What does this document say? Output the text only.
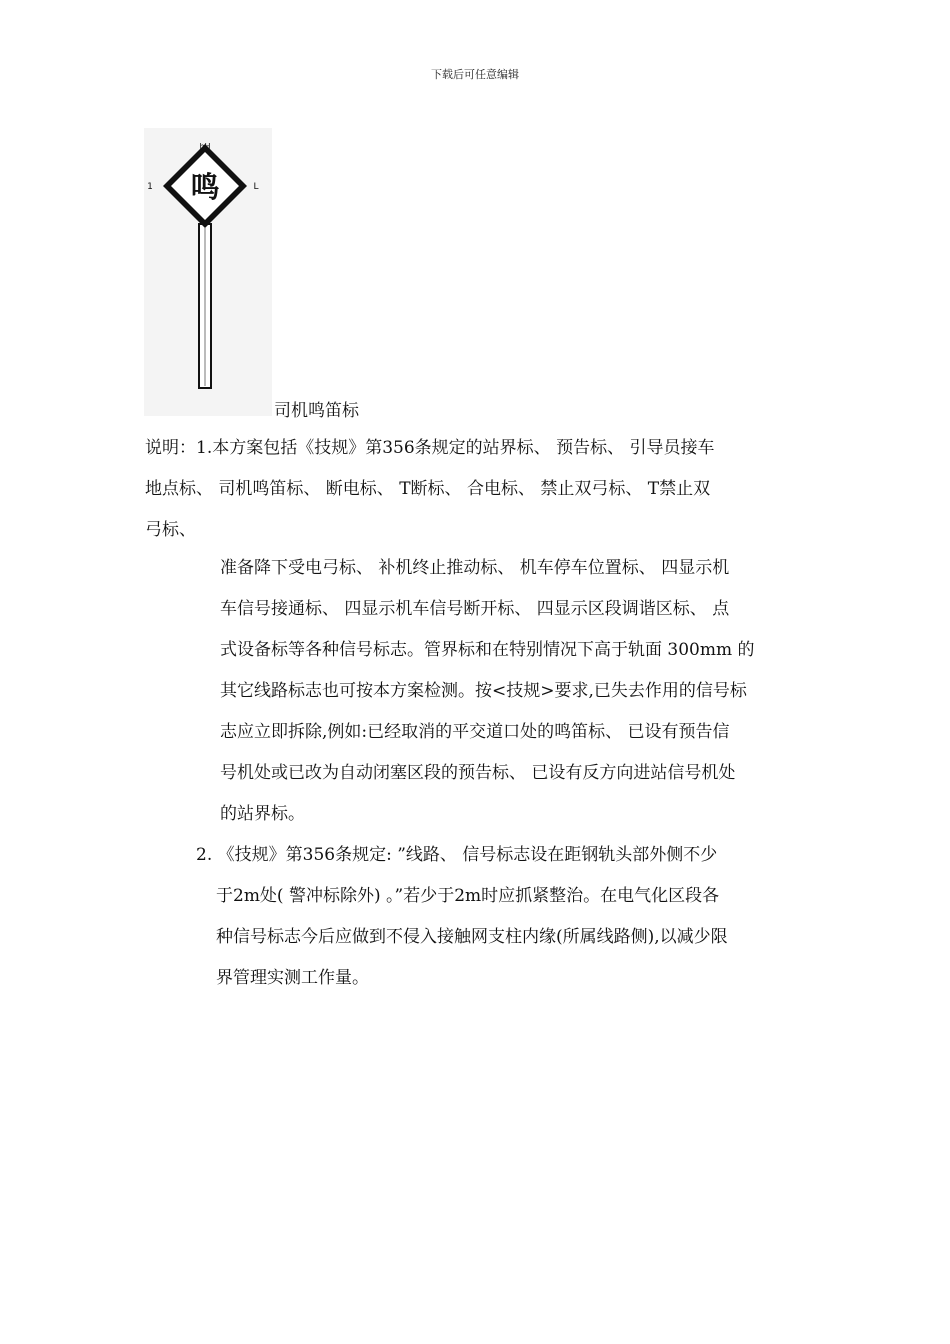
下载后可任意编辑
鸣
hH
1	L
司机鸣笛标
说明：1.本方案包括《技规》第356条规定的站界标、 预告标、 引导员接车
地点标、 司机鸣笛标、 断电标、 T断标、 合电标、 禁止双弓标、 T禁止双
弓标、
准备降下受电弓标、 补机终止推动标、 机车停车位置标、 四显示机
车信号接通标、 四显示机车信号断开标、 四显示区段调谐区标、 点
式设备标等各种信号标志。管界标和在特别情况下高于轨面 300mm 的
其它线路标志也可按本方案检测。按<技规>要求,已失去作用的信号标
志应立即拆除,例如:已经取消的平交道口处的鸣笛标、 已设有预告信
号机处或已改为自动闭塞区段的预告标、 已设有反方向进站信号机处
的站界标。
2. 《技规》第356条规定: ”线路、 信号标志设在距钢轨头部外侧不少
于2m处( 警冲标除外) 。”若少于2m时应抓紧整治。在电气化区段各
种信号标志今后应做到不侵入接触网支柱内缘(所属线路侧),以减少限
界管理实测工作量。
